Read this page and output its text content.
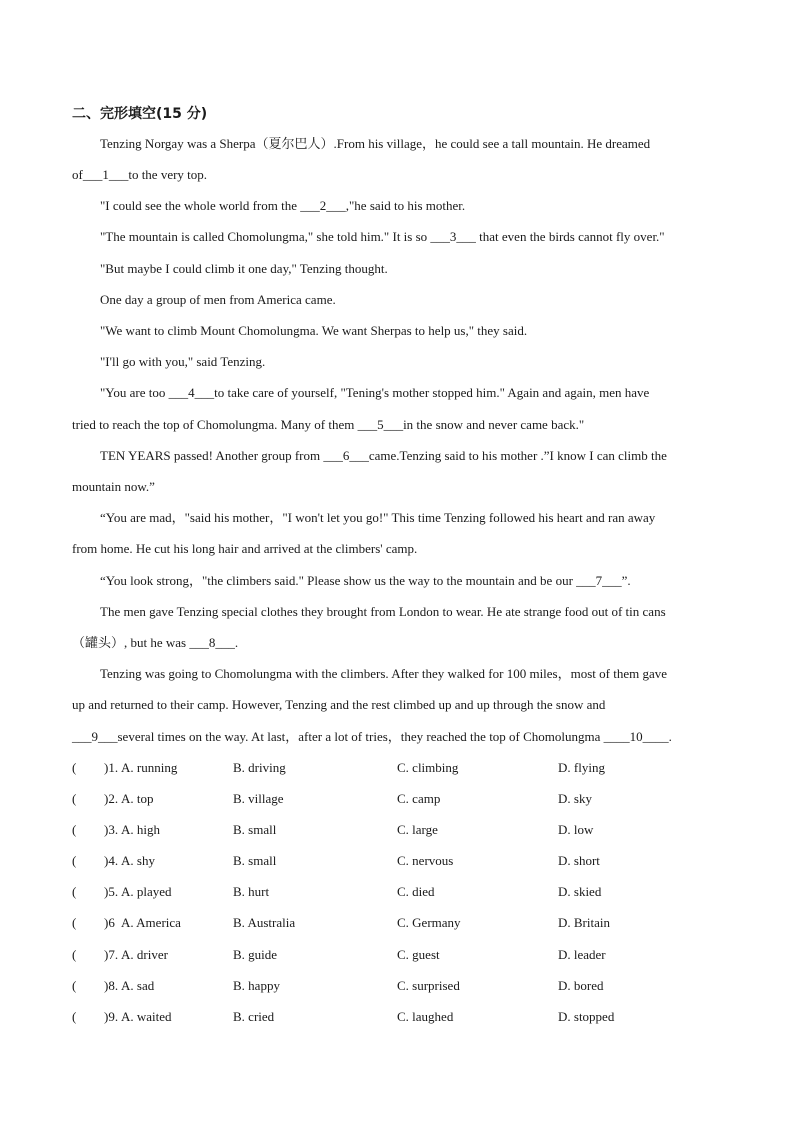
二、完形填空(15 分)
Tenzing Norgay was a Sherpa（夏尔巴人）.From his village，he could see a tall mountain. He dreamed
of___1___to the very top.
"I could see the whole world from the ___2___,"he said to his mother.
"The mountain is called Chomolungma," she told him." It is so ___3___ that even the birds cannot fly over."
"But maybe I could climb it one day," Tenzing thought.
One day a group of men from America came.
"We want to climb Mount Chomolungma. We want Sherpas to help us," they said.
"I'll go with you," said Tenzing.
"You are too ___4___to take care of yourself, "Tening's mother stopped him." Again and again, men have
tried to reach the top of Chomolungma. Many of them ___5___in the snow and never came back."
TEN YEARS passed! Another group from ___6___came.Tenzing said to his mother .”I know I can climb the
mountain now.”
“You are mad，"said his mother，"I won't let you go!" This time Tenzing followed his heart and ran away
from home. He cut his long hair and arrived at the climbers' camp.
“You look strong，"the climbers said." Please show us the way to the mountain and be our ___7___”.
The men gave Tenzing special clothes they brought from London to wear. He ate strange food out of tin cans
（罐头）, but he was ___8___.
Tenzing was going to Chomolungma with the climbers. After they walked for 100 miles，most of them gave
up and returned to their camp. However, Tenzing and the rest climbed up and up through the snow and
___9___several times on the way. At last，after a lot of tries，they reached the top of Chomolungma ____10____.
( )1. A. running	B. driving	C. climbing	D. flying
( )2. A. top	B. village	C. camp	D. sky
( )3. A. high	B. small	C. large	D. low
( )4. A. shy	B. small	C. nervous	D. short
( )5. A. played	B. hurt	C. died	D. skied
( )6 A. America	B. Australia	C. Germany	D. Britain
( )7. A. driver	B. guide	C. guest	D. leader
( )8. A. sad	B. happy	C. surprised	D. bored
( )9. A. waited	B. cried	C. laughed	D. stopped
